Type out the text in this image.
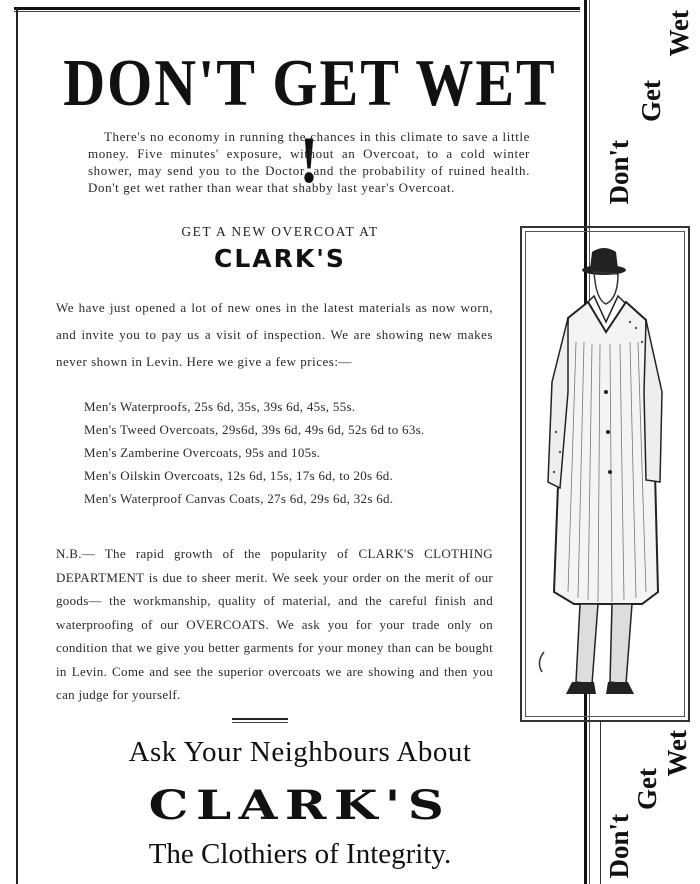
DON'T GET WET !
There's no economy in running the chances in this climate to save a little money. Five minutes' exposure, without an Overcoat, to a cold winter shower, may send you to the Doctor, and the probability of ruined health. Don't get wet rather than wear that shabby last year's Overcoat.
GET A NEW OVERCOAT AT
CLARK'S
We have just opened a lot of new ones in the latest materials as now worn, and invite you to pay us a visit of inspection. We are showing new makes never shown in Levin. Here we give a few prices:—
Men's Waterproofs, 25s 6d, 35s, 39s 6d, 45s, 55s.
Men's Tweed Overcoats, 29s6d, 39s 6d, 49s 6d, 52s 6d to 63s.
Men's Zamberine Overcoats, 95s and 105s.
Men's Oilskin Overcoats, 12s 6d, 15s, 17s 6d, to 20s 6d.
Men's Waterproof Canvas Coats, 27s 6d, 29s 6d, 32s 6d.
N.B.— The rapid growth of the popularity of CLARK'S CLOTHING DEPARTMENT is due to sheer merit. We seek your order on the merit of our goods— the workmanship, quality of material, and the careful finish and waterproofing of our OVERCOATS. We ask you for your trade only on condition that we give you better garments for your money than can be bought in Levin. Come and see the superior overcoats we are showing and then you can judge for yourself.
Ask Your Neighbours About
CLARK'S
The Clothiers of Integrity.
Don't
Get
Wet
Don't
Get
Wet
